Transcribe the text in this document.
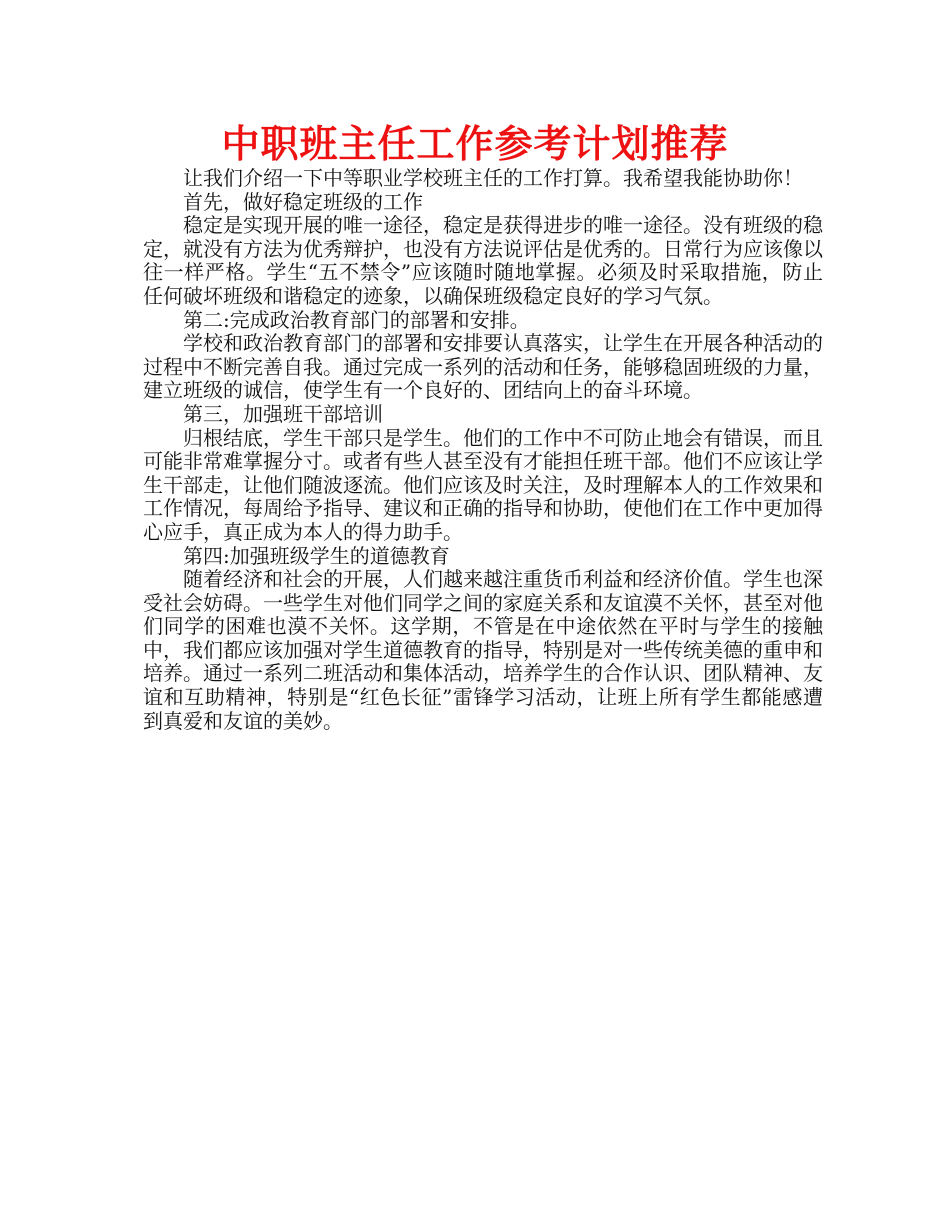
中职班主任工作参考计划推荐

让我们介绍一下中等职业学校班主任的工作打算。我希望我能协助你！

首先，做好稳定班级的工作

稳定是实现开展的唯一途径，稳定是获得进步的唯一途径。没有班级的稳定，就没有方法为优秀辩护，也没有方法说评估是优秀的。日常行为应该像以往一样严格。学生“五不禁令”应该随时随地掌握。必须及时采取措施，防止任何破坏班级和谐稳定的迹象，以确保班级稳定良好的学习气氛。

第二:完成政治教育部门的部署和安排。

学校和政治教育部门的部署和安排要认真落实，让学生在开展各种活动的过程中不断完善自我。通过完成一系列的活动和任务，能够稳固班级的力量，建立班级的诚信，使学生有一个良好的、团结向上的奋斗环境。

第三，加强班干部培训

归根结底，学生干部只是学生。他们的工作中不可防止地会有错误，而且可能非常难掌握分寸。或者有些人甚至没有才能担任班干部。他们不应该让学生干部走，让他们随波逐流。他们应该及时关注，及时理解本人的工作效果和工作情况，每周给予指导、建议和正确的指导和协助，使他们在工作中更加得心应手，真正成为本人的得力助手。

第四:加强班级学生的道德教育

随着经济和社会的开展，人们越来越注重货币利益和经济价值。学生也深受社会妨碍。一些学生对他们同学之间的家庭关系和友谊漠不关怀，甚至对他们同学的困难也漠不关怀。这学期，不管是在中途依然在平时与学生的接触中，我们都应该加强对学生道德教育的指导，特别是对一些传统美德的重申和培养。通过一系列二班活动和集体活动，培养学生的合作认识、团队精神、友谊和互助精神，特别是“红色长征”雷锋学习活动，让班上所有学生都能感遭到真爱和友谊的美妙。
